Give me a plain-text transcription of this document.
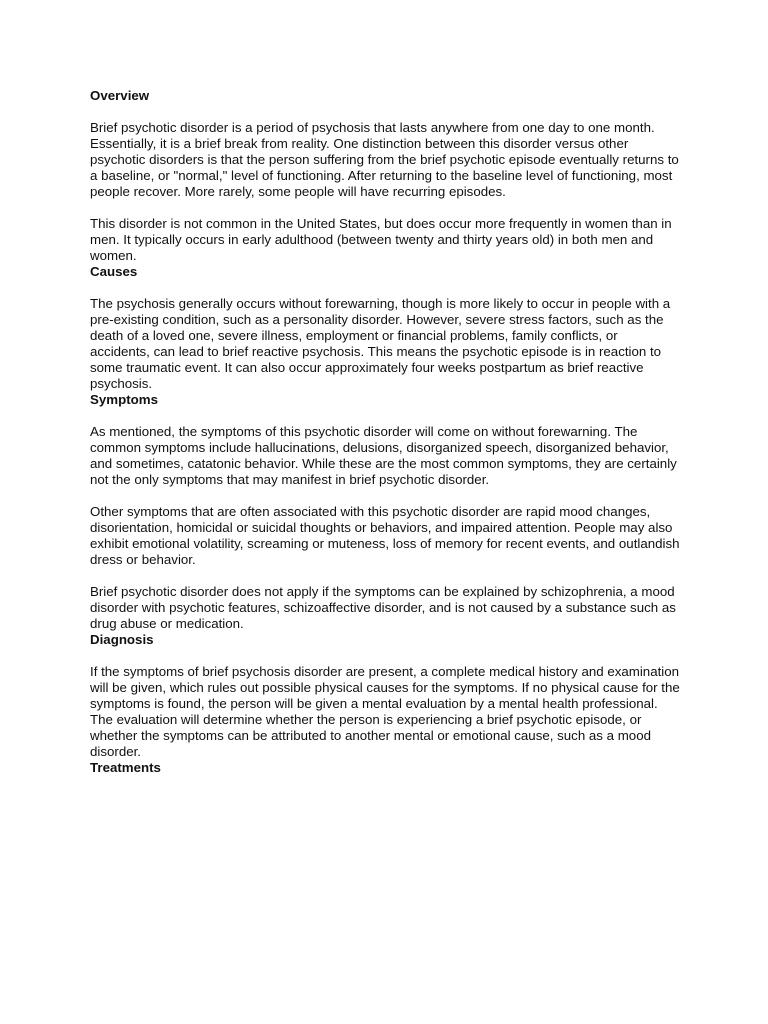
Overview

Brief psychotic disorder is a period of psychosis that lasts anywhere from one day to one month. Essentially, it is a brief break from reality. One distinction between this disorder versus other psychotic disorders is that the person suffering from the brief psychotic episode eventually returns to a baseline, or "normal," level of functioning. After returning to the baseline level of functioning, most people recover. More rarely, some people will have recurring episodes.

This disorder is not common in the United States, but does occur more frequently in women than in men. It typically occurs in early adulthood (between twenty and thirty years old) in both men and women.

Causes

The psychosis generally occurs without forewarning, though is more likely to occur in people with a pre-existing condition, such as a personality disorder. However, severe stress factors, such as the death of a loved one, severe illness, employment or financial problems, family conflicts, or accidents, can lead to brief reactive psychosis. This means the psychotic episode is in reaction to some traumatic event. It can also occur approximately four weeks postpartum as brief reactive psychosis.

Symptoms

As mentioned, the symptoms of this psychotic disorder will come on without forewarning. The common symptoms include hallucinations, delusions, disorganized speech, disorganized behavior, and sometimes, catatonic behavior. While these are the most common symptoms, they are certainly not the only symptoms that may manifest in brief psychotic disorder.

Other symptoms that are often associated with this psychotic disorder are rapid mood changes, disorientation, homicidal or suicidal thoughts or behaviors, and impaired attention. People may also exhibit emotional volatility, screaming or muteness, loss of memory for recent events, and outlandish dress or behavior.

Brief psychotic disorder does not apply if the symptoms can be explained by schizophrenia, a mood disorder with psychotic features, schizoaffective disorder, and is not caused by a substance such as drug abuse or medication.

Diagnosis

If the symptoms of brief psychosis disorder are present, a complete medical history and examination will be given, which rules out possible physical causes for the symptoms. If no physical cause for the symptoms is found, the person will be given a mental evaluation by a mental health professional. The evaluation will determine whether the person is experiencing a brief psychotic episode, or whether the symptoms can be attributed to another mental or emotional cause, such as a mood disorder.

Treatments
